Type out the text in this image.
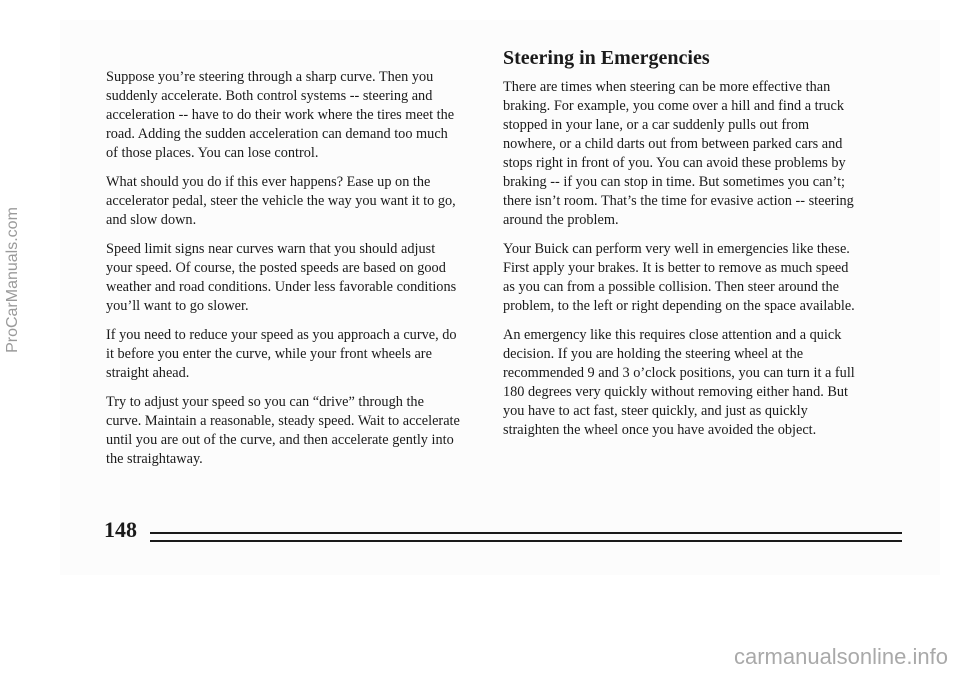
ProCarManuals.com

Suppose you’re steering through a sharp curve. Then you suddenly accelerate. Both control systems -- steering and acceleration -- have to do their work where the tires meet the road. Adding the sudden acceleration can demand too much of those places. You can lose control.

What should you do if this ever happens? Ease up on the accelerator pedal, steer the vehicle the way you want it to go, and slow down.

Speed limit signs near curves warn that you should adjust your speed. Of course, the posted speeds are based on good weather and road conditions. Under less favorable conditions you’ll want to go slower.

If you need to reduce your speed as you approach a curve, do it before you enter the curve, while your front wheels are straight ahead.

Try to adjust your speed so you can “drive” through the curve. Maintain a reasonable, steady speed. Wait to accelerate until you are out of the curve, and then accelerate gently into the straightaway.

Steering in Emergencies

There are times when steering can be more effective than braking. For example, you come over a hill and find a truck stopped in your lane, or a car suddenly pulls out from nowhere, or a child darts out from between parked cars and stops right in front of you. You can avoid these problems by braking -- if you can stop in time. But sometimes you can’t; there isn’t room. That’s the time for evasive action -- steering around the problem.

Your Buick can perform very well in emergencies like these. First apply your brakes. It is better to remove as much speed as you can from a possible collision. Then steer around the problem, to the left or right depending on the space available.

An emergency like this requires close attention and a quick decision. If you are holding the steering wheel at the recommended 9 and 3 o’clock positions, you can turn it a full 180 degrees very quickly without removing either hand. But you have to act fast, steer quickly, and just as quickly straighten the wheel once you have avoided the object.

148
carmanualsonline.info
